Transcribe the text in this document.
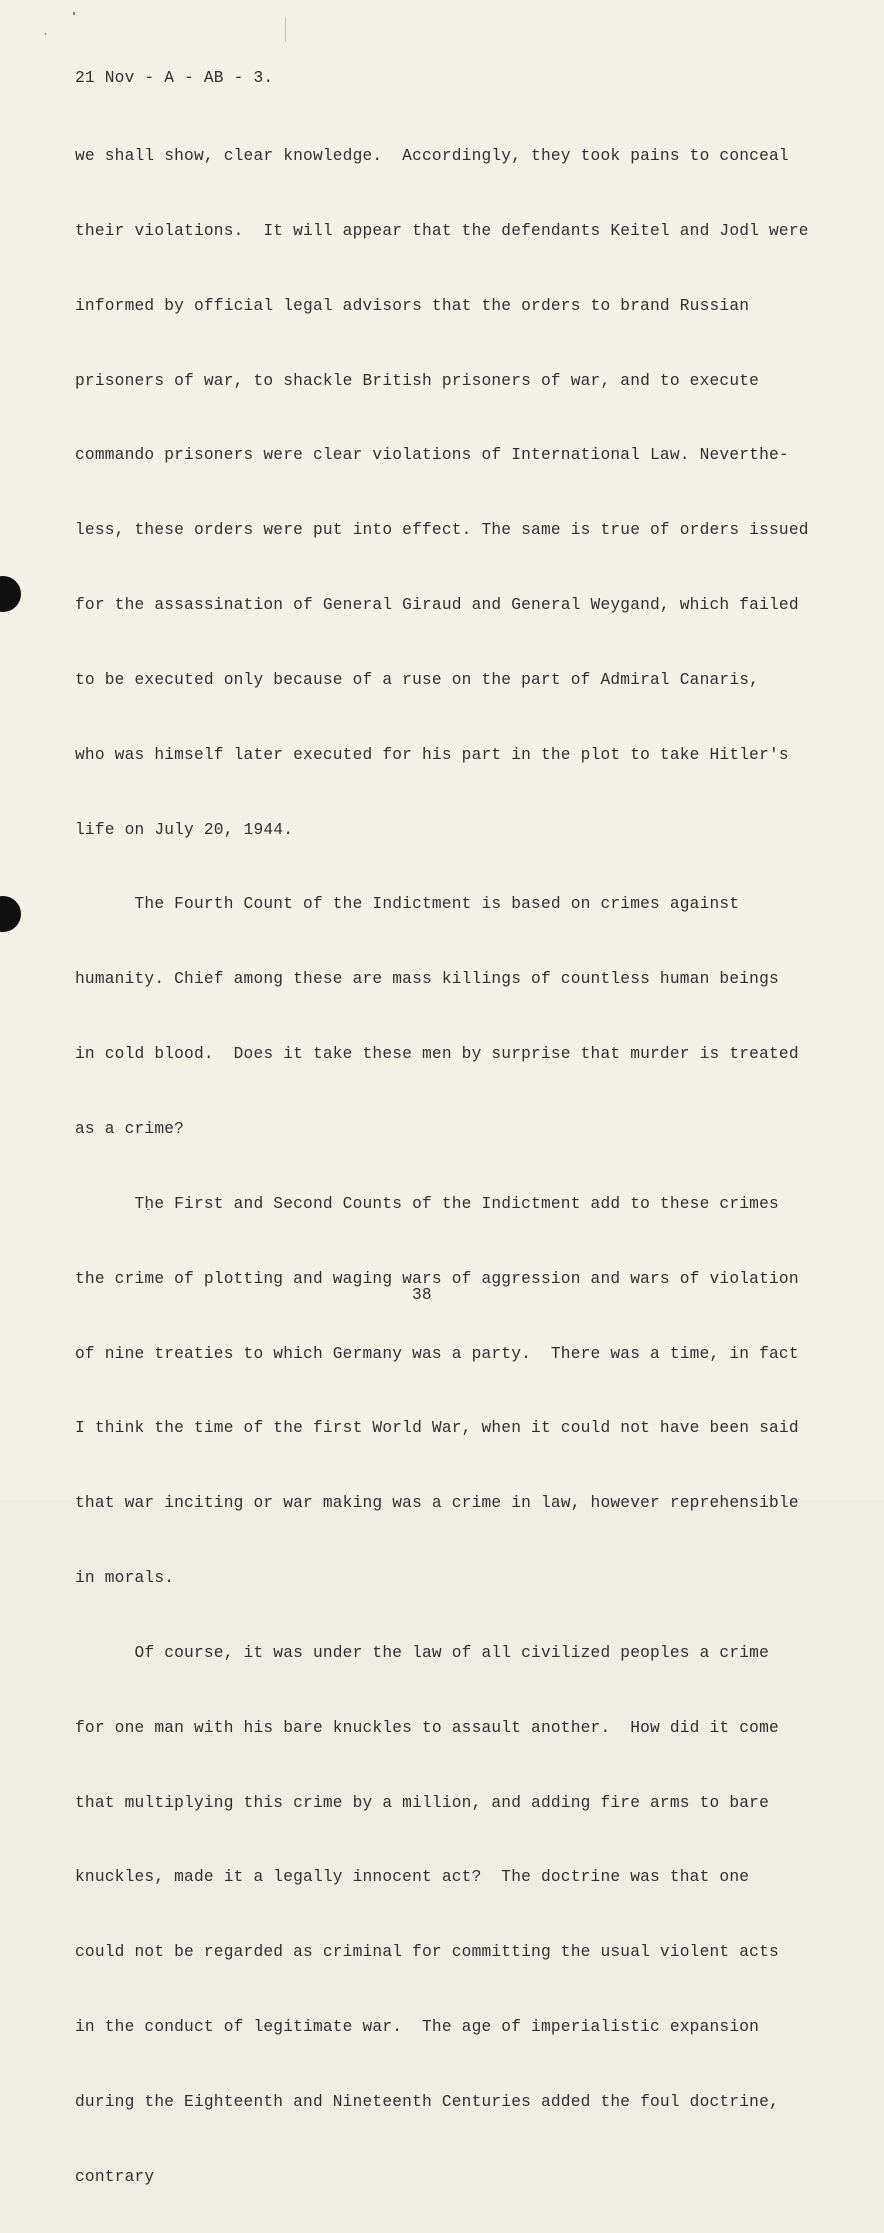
21 Nov - A - AB - 3.

we shall show, clear knowledge.  Accordingly, they took pains to conceal

their violations.  It will appear that the defendants Keitel and Jodl were

informed by official legal advisors that the orders to brand Russian

prisoners of war, to shackle British prisoners of war, and to execute

commando prisoners were clear violations of International Law. Neverthe-

less, these orders were put into effect. The same is true of orders issued

for the assassination of General Giraud and General Weygand, which failed

to be executed only because of a ruse on the part of Admiral Canaris,

who was himself later executed for his part in the plot to take Hitler's

life on July 20, 1944.

The Fourth Count of the Indictment is based on crimes against

humanity. Chief among these are mass killings of countless human beings

in cold blood.  Does it take these men by surprise that murder is treated

as a crime?

The First and Second Counts of the Indictment add to these crimes

the crime of plotting and waging wars of aggression and wars of violation

of nine treaties to which Germany was a party.  There was a time, in fact

I think the time of the first World War, when it could not have been said

that war inciting or war making was a crime in law, however reprehensible

in morals.

Of course, it was under the law of all civilized peoples a crime

for one man with his bare knuckles to assault another.  How did it come

that multiplying this crime by a million, and adding fire arms to bare

knuckles, made it a legally innocent act?  The doctrine was that one

could not be regarded as criminal for committing the usual violent acts

in the conduct of legitimate war.  The age of imperialistic expansion

during the Eighteenth and Nineteenth Centuries added the foul doctrine,

contrary

38
